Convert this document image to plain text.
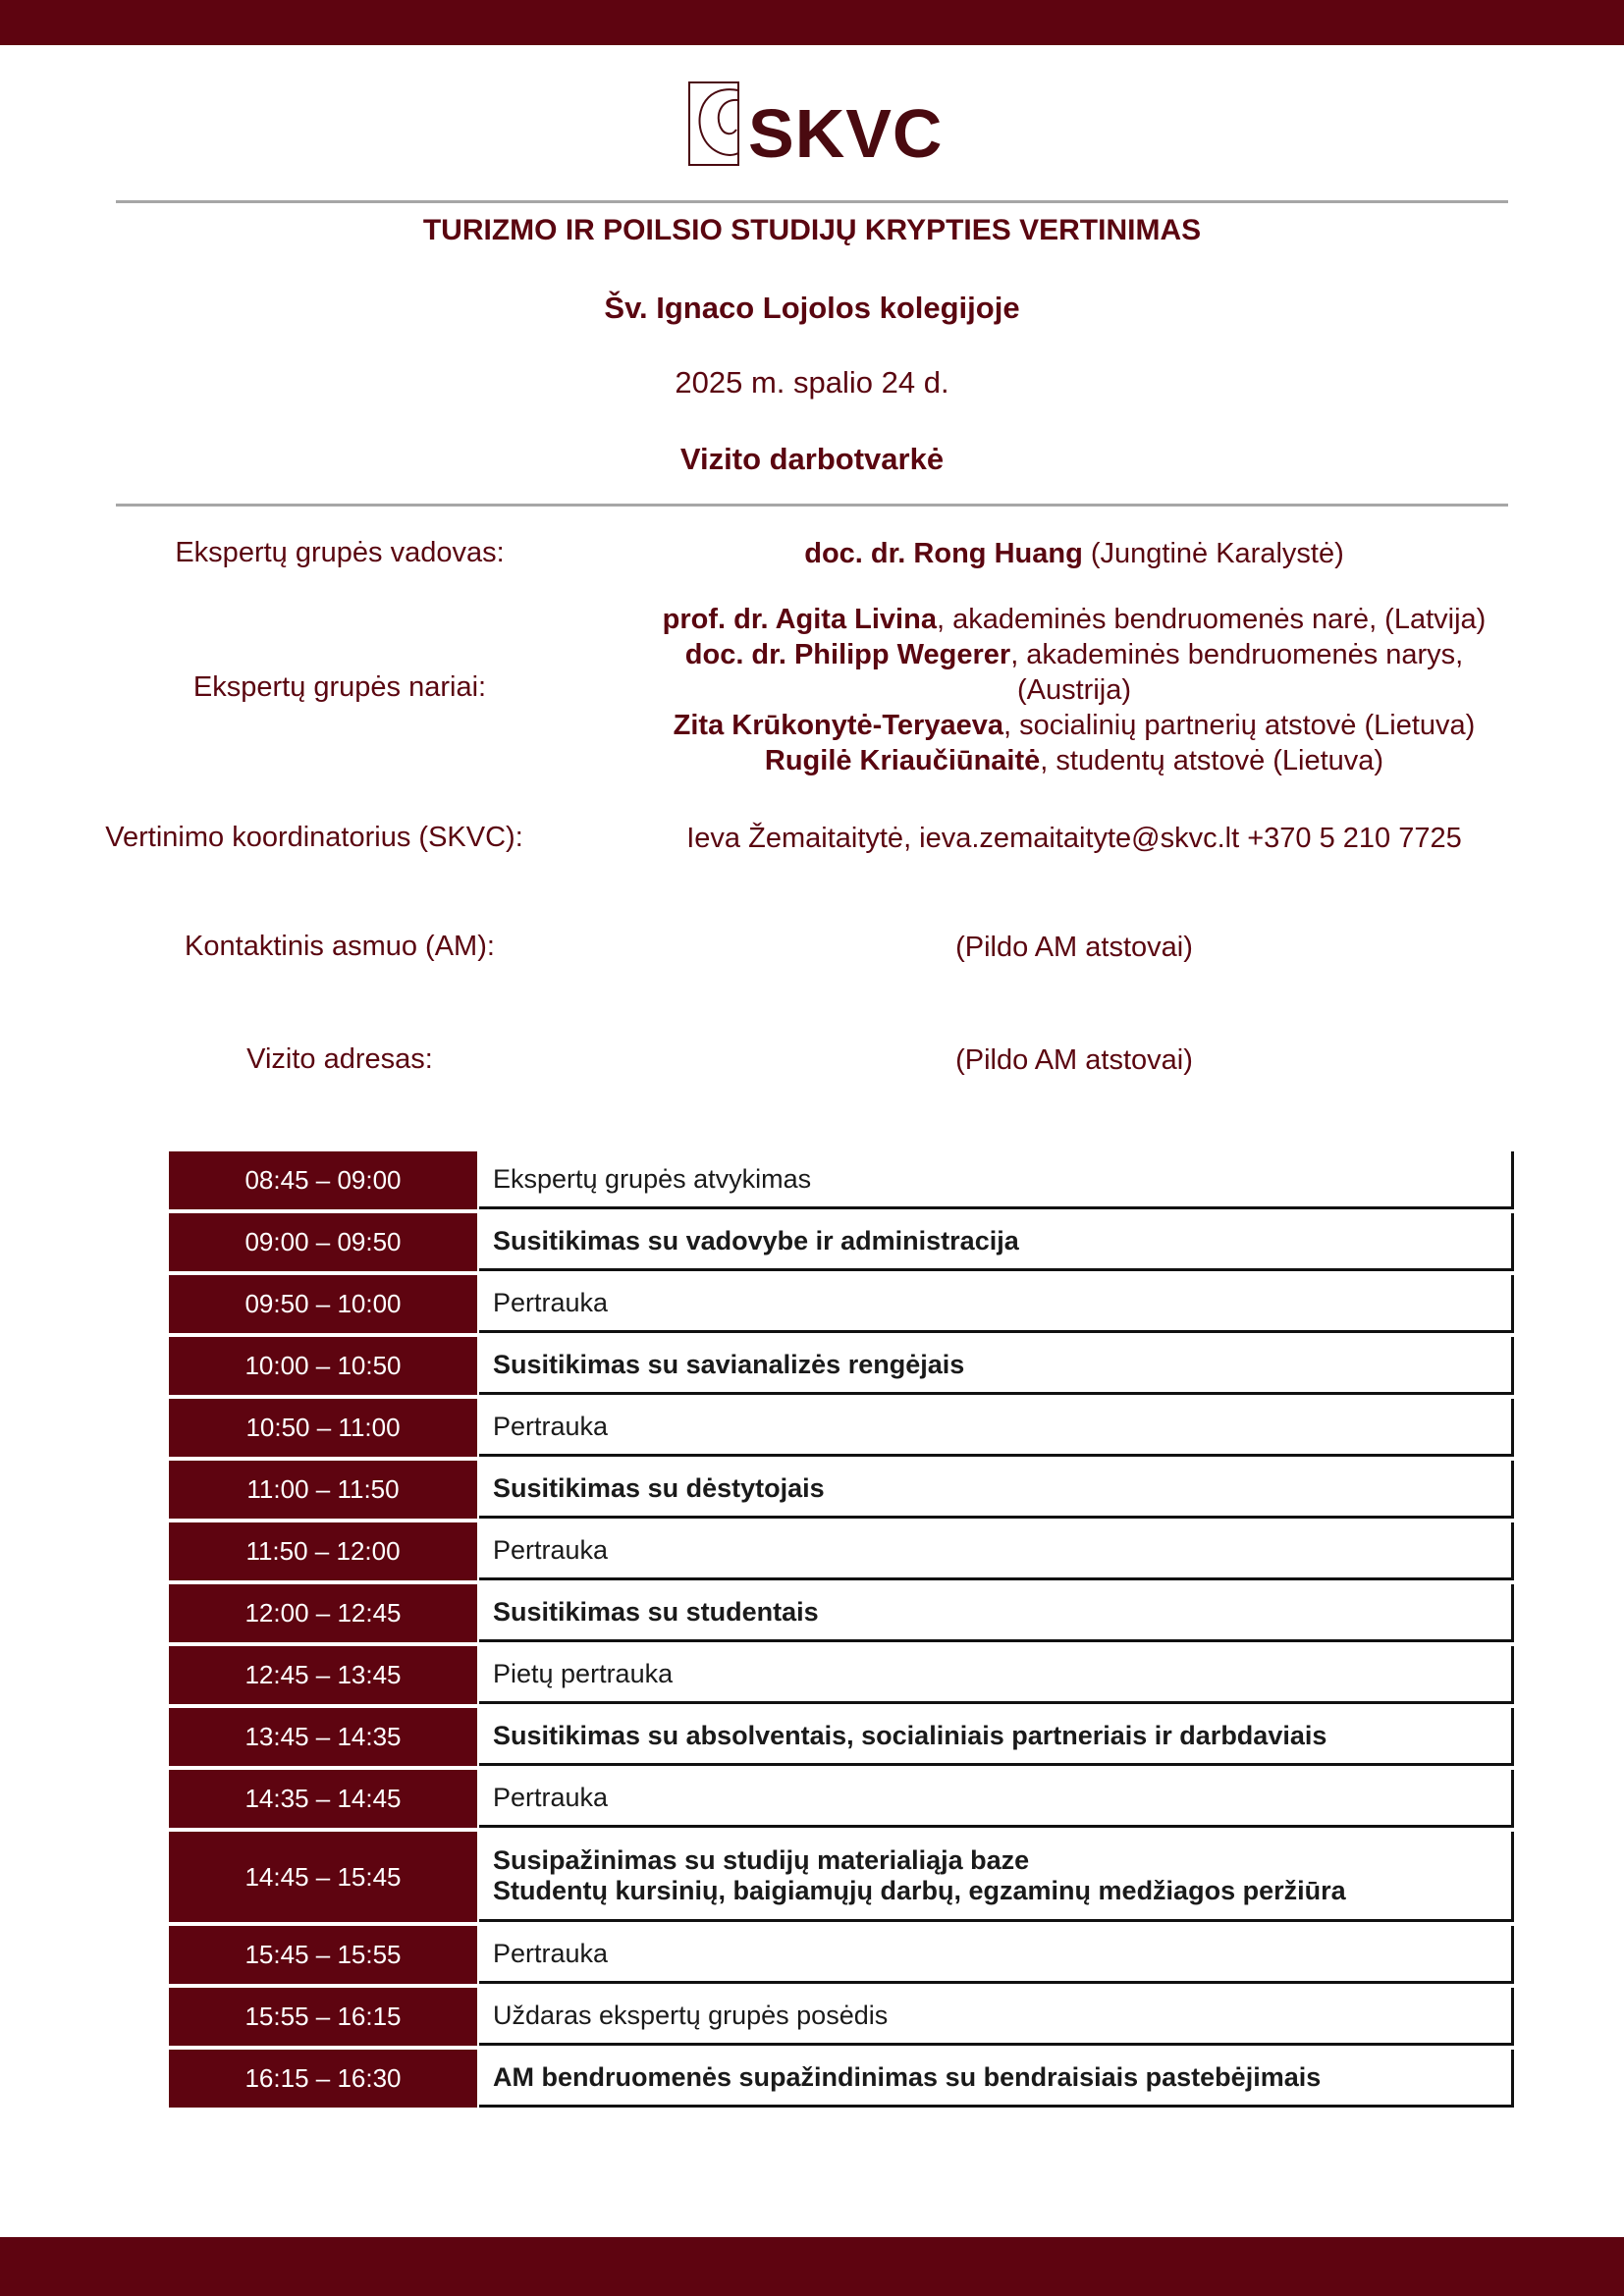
SKVC
TURIZMO IR POILSIO STUDIJŲ KRYPTIES VERTINIMAS
Šv. Ignaco Lojolos kolegijoje
2025 m. spalio 24 d.
Vizito darbotvarkė
Ekspertų grupės vadovas:	doc. dr. Rong Huang (Jungtinė Karalystė)
Ekspertų grupės nariai:
prof. dr. Agita Livina, akademinės bendruomenės narė, (Latvija)
doc. dr. Philipp Wegerer, akademinės bendruomenės narys, (Austrija)
Zita Krūkonytė-Teryaeva, socialinių partnerių atstovė (Lietuva)
Rugilė Kriaučiūnaitė, studentų atstovė (Lietuva)
Vertinimo koordinatorius (SKVC):	Ieva Žemaitaitytė, ieva.zemaitaityte@skvc.lt +370 5 210 7725
Kontaktinis asmuo (AM):	(Pildo AM atstovai)
Vizito adresas:	(Pildo AM atstovai)
08:45 – 09:00	Ekspertų grupės atvykimas
09:00 – 09:50	Susitikimas su vadovybe ir administracija
09:50 – 10:00	Pertrauka
10:00 – 10:50	Susitikimas su savianalizės rengėjais
10:50 – 11:00	Pertrauka
11:00 – 11:50	Susitikimas su dėstytojais
11:50 – 12:00	Pertrauka
12:00 – 12:45	Susitikimas su studentais
12:45 – 13:45	Pietų pertrauka
13:45 – 14:35	Susitikimas su absolventais, socialiniais partneriais ir darbdaviais
14:35 – 14:45	Pertrauka
14:45 – 15:45
Susipažinimas su studijų materialiąja baze
Studentų kursinių, baigiamųjų darbų, egzaminų medžiagos peržiūra
15:45 – 15:55	Pertrauka
15:55 – 16:15	Uždaras ekspertų grupės posėdis
16:15 – 16:30	AM bendruomenės supažindinimas su bendraisiais pastebėjimais
